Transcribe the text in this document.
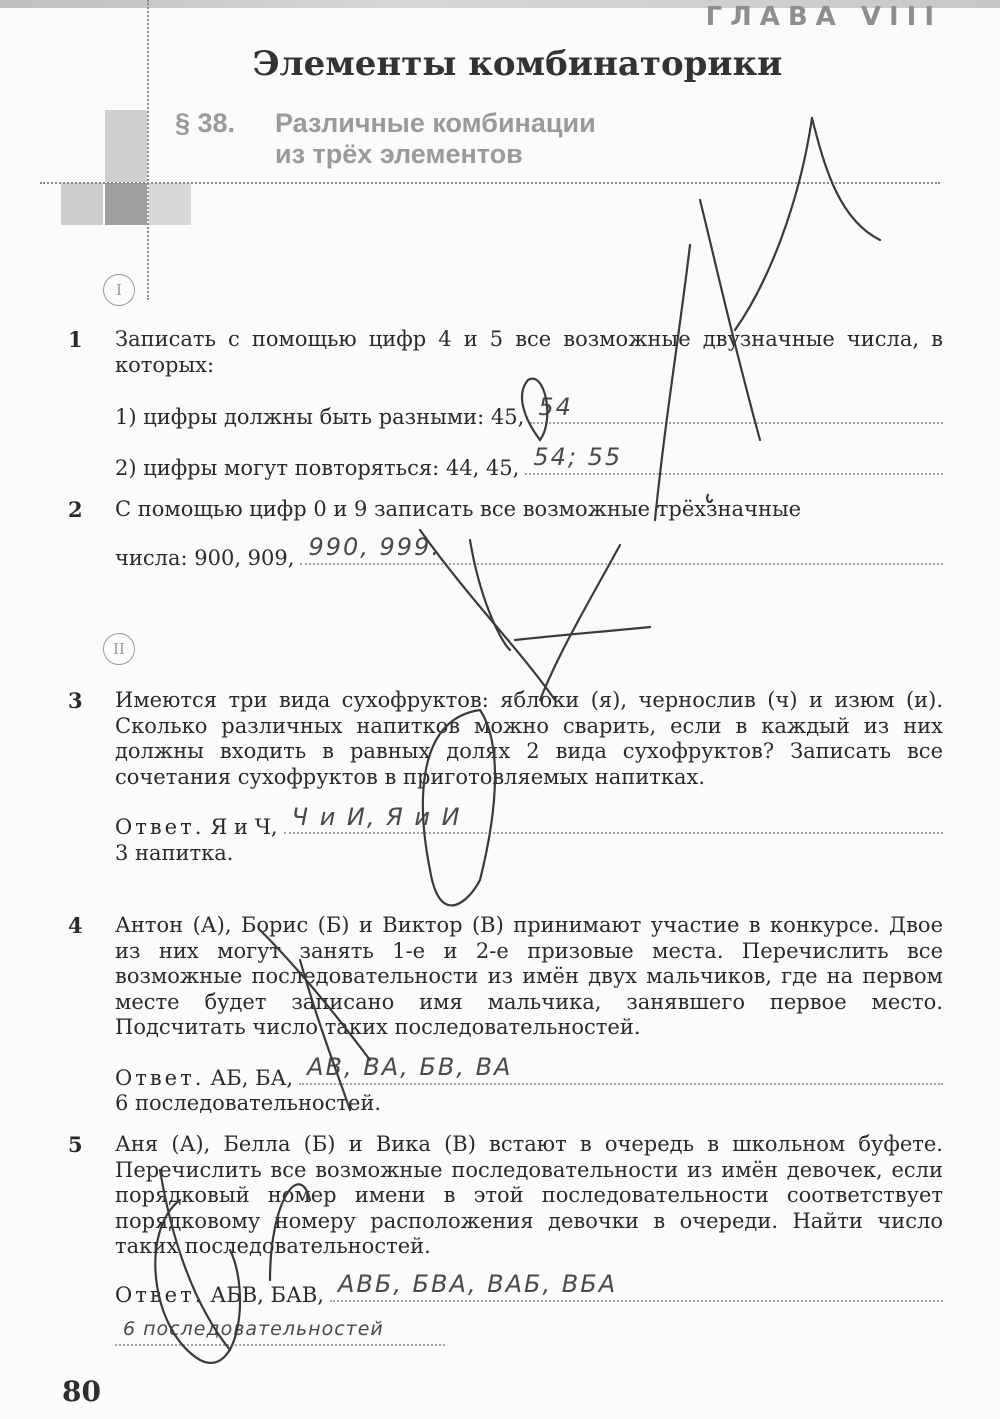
ГЛАВА VIII
Элементы комбинаторики
§ 38. Различные комбинации
из трёх элементов
I
1 Записать с помощью цифр 4 и 5 все возможные двузначные числа, в которых:
1) цифры должны быть разными: 45, 54
2) цифры могут повторяться: 44, 45, 54; 55
2 С помощью цифр 0 и 9 записать все возможные трёхзначные
числа: 900, 909, 990, 999.
II
3 Имеются три вида сухофруктов: яблоки (я), чернослив (ч) и изюм (и). Сколько различных напитков можно сварить, если в каждый из них должны входить в равных долях 2 вида сухофруктов? Записать все сочетания сухофруктов в приготовляемых напитках.
Ответ. Я и Ч, Ч и И, Я и И
3 напитка.
4 Антон (А), Борис (Б) и Виктор (В) принимают участие в конкурсе. Двое из них могут занять 1-е и 2-е призовые места. Перечислить все возможные последовательности из имён двух мальчиков, где на первом месте будет записано имя мальчика, занявшего первое место. Подсчитать число таких последовательностей.
Ответ. АБ, БА, АВ, ВА, БВ, ВА
6 последовательностей.
5 Аня (А), Белла (Б) и Вика (В) встают в очередь в школьном буфете. Перечислить все возможные последовательности из имён девочек, если порядковый номер имени в этой последовательности соответствует порядковому номеру расположения девочки в очереди. Найти число таких последовательностей.
Ответ. АБВ, БАВ, АВБ, БВА, ВАБ, ВБА
6 последовательностей
80
